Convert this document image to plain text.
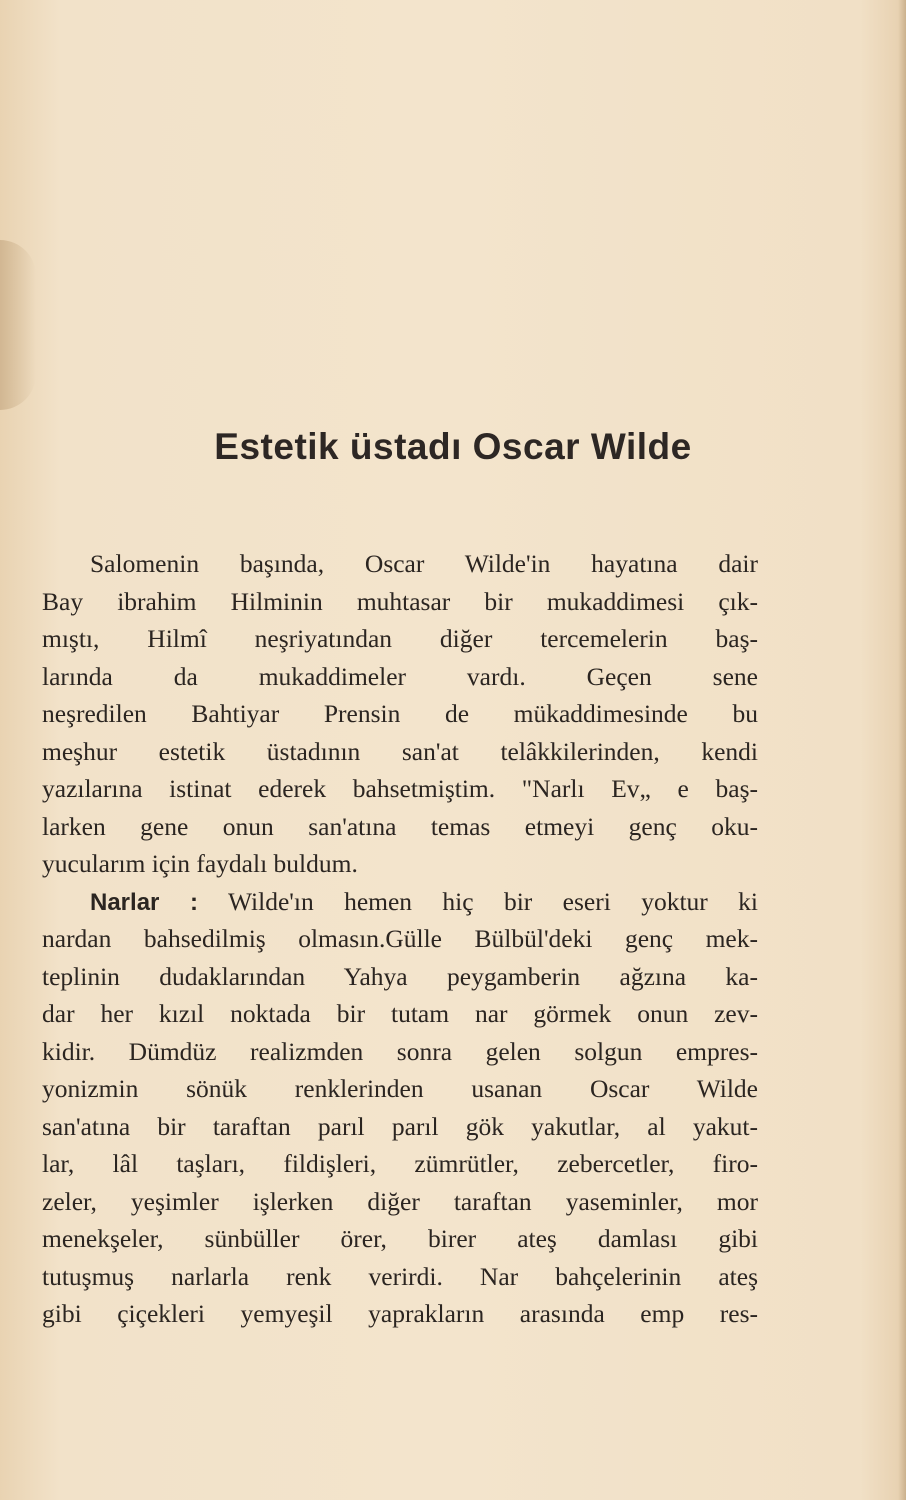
Estetik üstadı Oscar Wilde
Salomenin başında, Oscar Wilde'in hayatına dair
Bay ibrahim Hilminin muhtasar bir mukaddimesi çık-
mıştı, Hilmî neşriyatından diğer tercemelerin baş-
larında da mukaddimeler vardı. Geçen sene
neşredilen Bahtiyar Prensin de mükaddimesinde bu
meşhur estetik üstadının san'at telâkkilerinden, kendi
yazılarına istinat ederek bahsetmiştim. "Narlı Ev„ e baş-
larken gene onun san'atına temas etmeyi genç oku-
yucularım için faydalı buldum.
Narlar : Wilde'ın hemen hiç bir eseri yoktur ki
nardan bahsedilmiş olmasın.Gülle Bülbül'deki genç mek-
teplinin dudaklarından Yahya peygamberin ağzına ka-
dar her kızıl noktada bir tutam nar görmek onun zev-
kidir. Dümdüz realizmden sonra gelen solgun empres-
yonizmin sönük renklerinden usanan Oscar Wilde
san'atına bir taraftan parıl parıl gök yakutlar, al yakut-
lar, lâl taşları, fildişleri, zümrütler, zebercetler, firo-
zeler, yeşimler işlerken diğer taraftan yaseminler, mor
menekşeler, sünbüller örer, birer ateş damlası gibi
tutuşmuş narlarla renk verirdi. Nar bahçelerinin ateş
gibi çiçekleri yemyeşil yaprakların arasında emp res-
